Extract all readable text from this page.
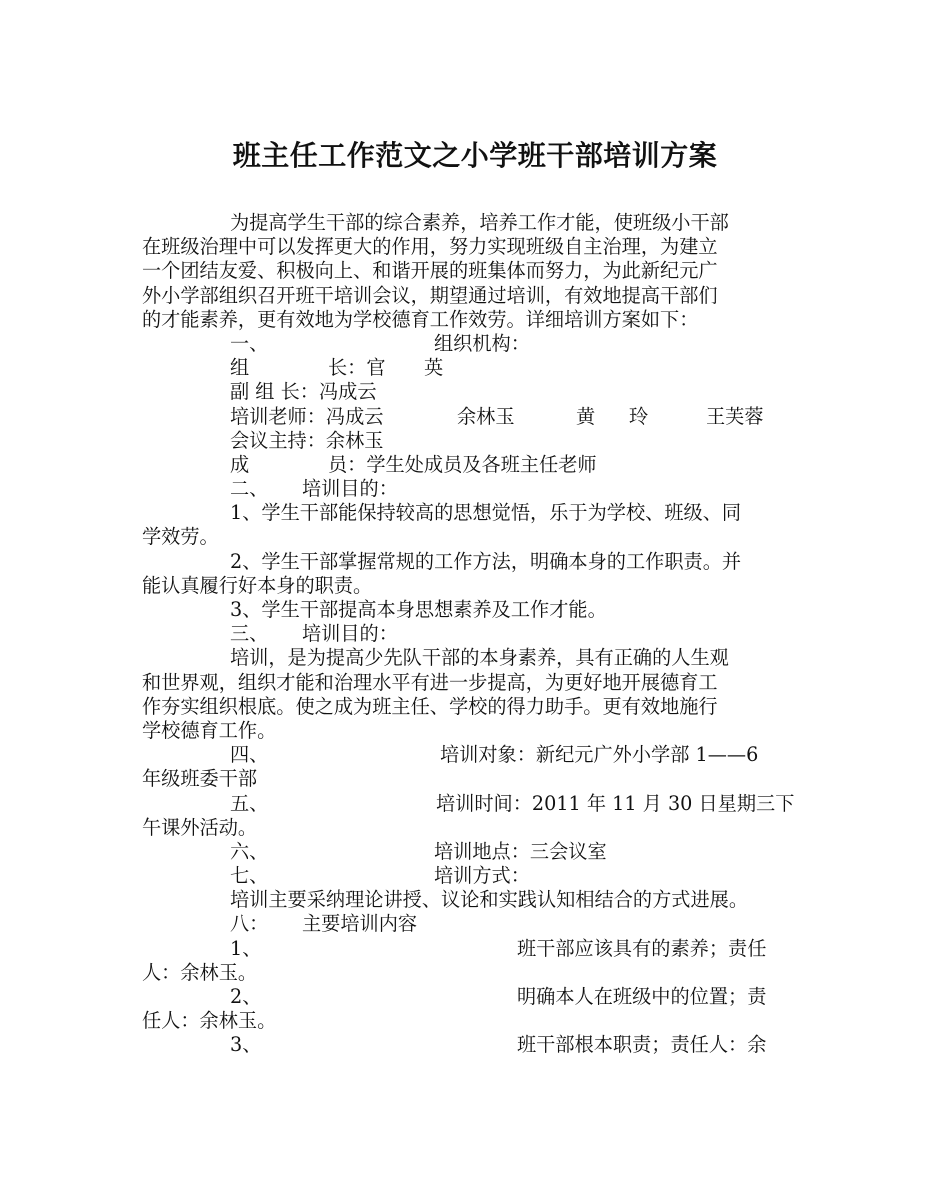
班主任工作范文之小学班干部培训方案
为提高学生干部的综合素养，培养工作才能，使班级小干部
在班级治理中可以发挥更大的作用，努力实现班级自主治理，为建立
一个团结友爱、积极向上、和谐开展的班集体而努力，为此新纪元广
外小学部组织召开班干培训会议，期望通过培训，有效地提高干部们
的才能素养，更有效地为学校德育工作效劳。详细培训方案如下：
一、	组织机构：
组	长：官 英
副 组 长：冯成云
培训老师：冯成云	余林玉	黄 玲	王芙蓉
会议主持：余林玉
成	员：学生处成员及各班主任老师
二、 培训目的：
1、学生干部能保持较高的思想觉悟，乐于为学校、班级、同
学效劳。
2、学生干部掌握常规的工作方法，明确本身的工作职责。并
能认真履行好本身的职责。
3、学生干部提高本身思想素养及工作才能。
三、 培训目的：
培训，是为提高少先队干部的本身素养，具有正确的人生观
和世界观，组织才能和治理水平有进一步提高，为更好地开展德育工
作夯实组织根底。使之成为班主任、学校的得力助手。更有效地施行
学校德育工作。
四、	培训对象：新纪元广外小学部 1——6
年级班委干部
五、	培训时间：2011 年 11 月 30 日星期三下
午课外活动。
六、	培训地点：三会议室
七、	培训方式：
培训主要采纳理论讲授、议论和实践认知相结合的方式进展。
八： 主要培训内容
1、	班干部应该具有的素养；责任
人：余林玉。
2、	明确本人在班级中的位置；责
任人：余林玉。
3、	班干部根本职责；责任人：余
